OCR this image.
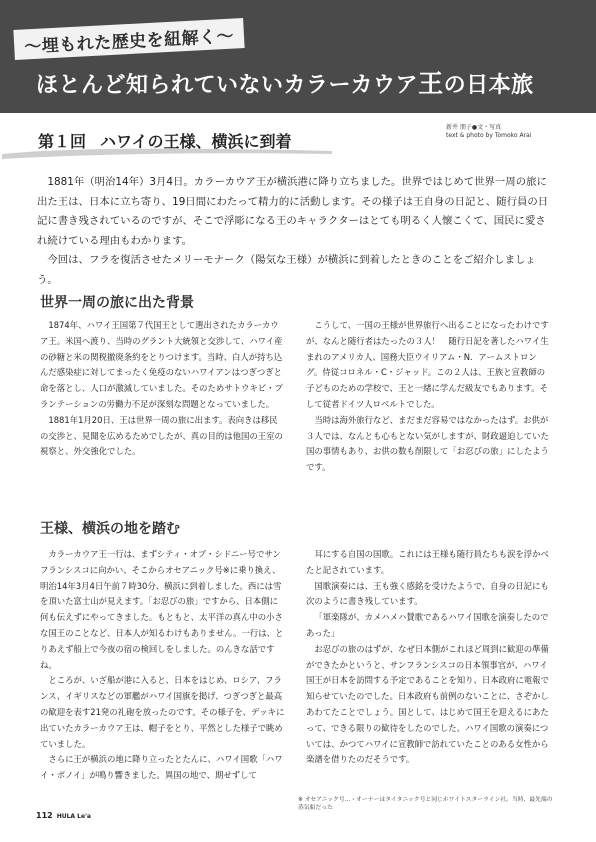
〜埋もれた歴史を紐解く〜
ほとんど知られていないカラーカウア王の日本旅
第１回 ハワイの王様、横浜に到着
新井 朋子●文・写真
text & photo by Tomoko Arai
　1881年（明治14年）3月4日。カラーカウア王が横浜港に降り立ちました。世界ではじめて世界一周の旅に出た王は、日本に立ち寄り、19日間にわたって精力的に活動します。その様子は王自身の日記と、随行員の日記に書き残されているのですが、そこで浮彫になる王のキャラクターはとても明るく人懐こくて、国民に愛され続けている理由もわかります。
　今回は、フラを復活させたメリーモナーク（陽気な王様）が横浜に到着したときのことをご紹介しましょう。
世界一周の旅に出た背景

1874年、ハワイ王国第７代国王として選出されたカラーカウア王。米国へ渡り、当時のグラント大統領と交渉して、ハワイ産の砂糖と米の関税撤廃条約をとりつけます。当時、白人が持ち込んだ感染症に対してまったく免疫のないハワイアンはつぎつぎと命を落とし、人口が激減していました。そのためサトウキビ・プランテーションの労働力不足が深刻な問題となっていました。

1881年1月20日、王は世界一周の旅に出ます。表向きは移民の交渉と、見聞を広めるためでしたが、真の目的は他国の王室の視察と、外交強化でした。

こうして、一国の王様が世界旅行へ出ることになったわけですが、なんと随行者はたったの３人！　随行日記を著したハワイ生まれのアメリカ人、国務大臣ウイリアム・N．アームストロング。侍従コロネル・C・ジャッド。この２人は、王族と宣教師の子どものための学校で、王と一緒に学んだ級友でもあります。そして従者ドイツ人ロベルトでした。

当時は海外旅行など、まだまだ容易ではなかったはず。お供が３人では、なんとも心もとない気がしますが、財政逼迫していた国の事情もあり、お供の数も削限して「お忍びの旅」にしたようです。

王様、横浜の地を踏む

カラーカウア王一行は、まずシティ・オブ・シドニー号でサンフランシスコに向かい、そこからオセアニック号※に乗り換え、明治14年3月4日午前７時30分、横浜に到着しました。西には雪を頂いた富士山が見えます。「お忍びの旅」ですから、日本側に何も伝えずにやってきました。もともと、太平洋の真ん中の小さな国王のことなど、日本人が知るわけもありません。一行は、とりあえず船上で今夜の宿の検回しをしました。のんきな話ですね。

ところが、いざ船が港に入ると、日本をはじめ、ロシア、フランス、イギリスなどの軍艦がハワイ国旗を掲げ、つぎつぎと最高の歓迎を表す21発の礼砲を放ったのです。その様子を、デッキに出ていたカラーカウア王は、帽子をとり、平然とした様子で眺めていました。

さらに王が横浜の地に降り立ったとたんに、ハワイ国歌「ハワイ・ポノイ」が鳴り響きました。異国の地で、期せずして

耳にする自国の国歌。これには王様も随行員たちも涙を浮かべたと記されています。

国歌演奏には、王も強く感銘を受けたようで、自身の日記にも次のように書き残しています。

「軍楽隊が、カメハメハ賛歌であるハワイ国歌を演奏したのであった」

お忍びの旅のはずが、なぜ日本側がこれほど周到に歓迎の準備ができたかというと、サンフランシスコの日本領事官が、ハワイ国王が日本を訪問する予定であることを知り、日本政府に電報で知らせていたのでした。日本政府も前例のないことに、さぞかしあわてたことでしょう。国として、はじめて国王を迎えるにあたって、できる限りの歓待をしたのでした。ハワイ国歌の演奏については、かつてハワイに宣教師で訪れていたことのある女性から楽譜を借りたのだそうです。

※ オセアニック号…・オーナーはタイタニック号と同じホワイトスターライン社。当時、最先端の蒸気船だった
112 HULA Le'a
